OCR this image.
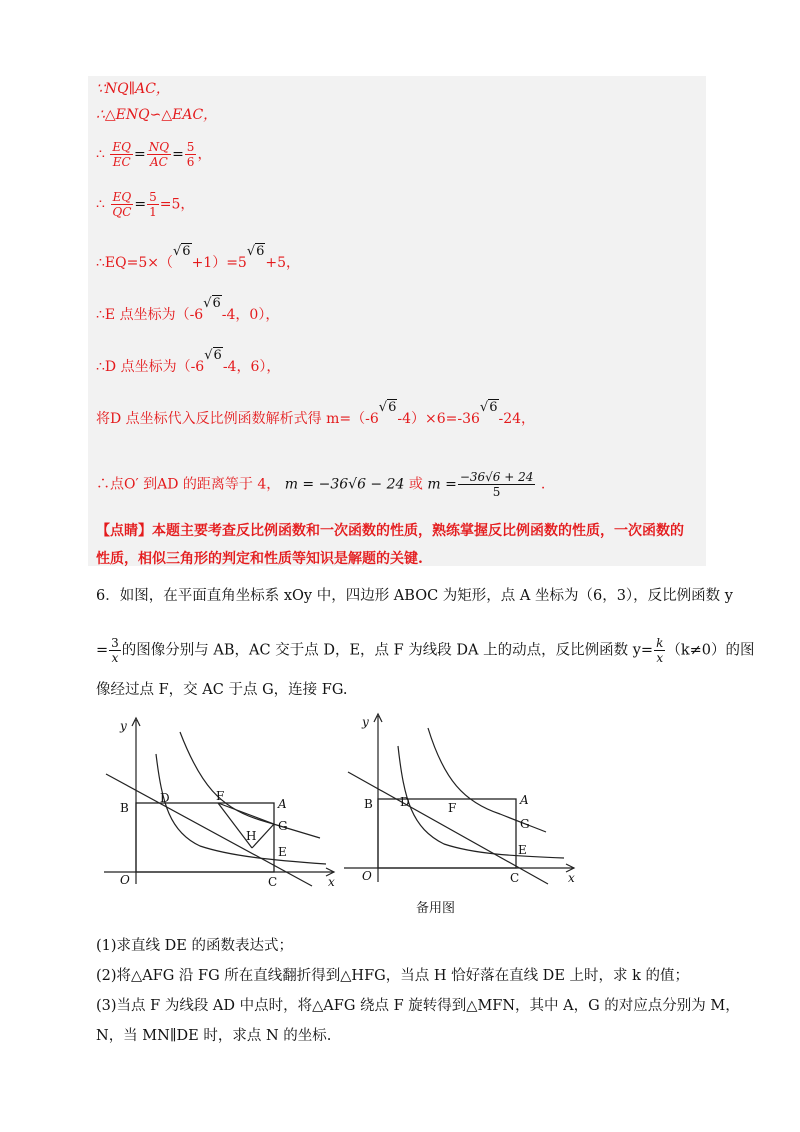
∵NQ∥AC，
∴△ENQ∽△EAC，
∴ $\frac{EQ}{EC} = \frac{NQ}{AC} = \frac{5}{6}$ ，
∴ $\frac{EQ}{QC} = \frac{5}{1} =5$，
∴EQ=5×（√6+1）=5√6+5，
∴E 点坐标为（-6√6-4，0），
∴D 点坐标为（-6√6-4，6），
将D 点坐标代入反比例函数解析式得 m=（-6√6-4）×6=-36√6-24，
∴点O′ 到AD 的距离等于 4， m = −36√6 − 24 或 $m = \frac{-36√6 + 24}{5}$ .
【点睛】本题主要考查反比例函数和一次函数的性质，熟练掌握反比例函数的性质，一次函数的
性质，相似三角形的判定和性质等知识是解题的关键.
6．如图，在平面直角坐标系 xOy 中，四边形 ABOC 为矩形，点 A 坐标为（6，3），反比例函数 y
= $\frac{3}{x}$ 的图像分别与 AB，AC 交于点 D，E，点 F 为线段 DA 上的动点，反比例函数 $y= \frac{k}{x} (k\ne 0)$的图
像经过点 F，交 AC 于点 G，连接 FG.
y
x
O
B
D	F
A
G
H
E
C
y
x
O
B D	F
A
G
E
C
备用图
(1)求直线 DE 的函数表达式；
(2)将△AFG 沿 FG 所在直线翻折得到△HFG，当点 H 恰好落在直线 DE 上时，求 k 的值；
(3)当点 F 为线段 AD 中点时，将△AFG 绕点 F 旋转得到△MFN，其中 A，G 的对应点分别为 M，
N，当 MN∥DE 时，求点 N 的坐标.
